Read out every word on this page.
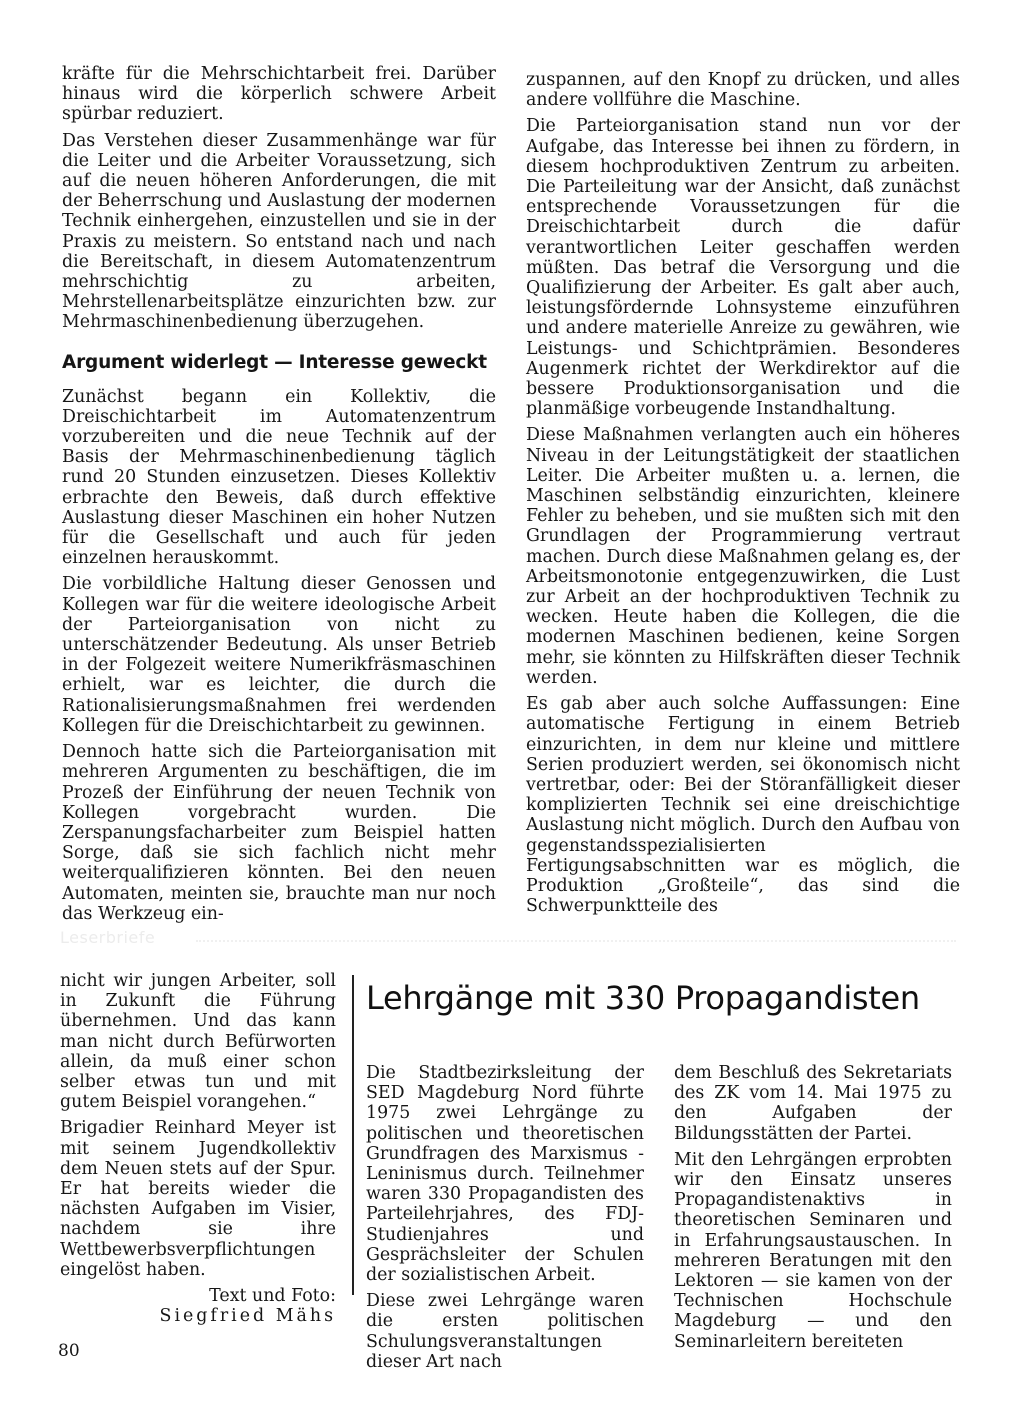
kräfte für die Mehrschichtarbeit frei. Darüber hinaus wird die körperlich schwere Arbeit spürbar reduziert.

Das Verstehen dieser Zusammenhänge war für die Leiter und die Arbeiter Voraussetzung, sich auf die neuen höheren Anforderungen, die mit der Beherrschung und Auslastung der modernen Technik einhergehen, einzustellen und sie in der Praxis zu meistern. So entstand nach und nach die Bereitschaft, in diesem Automatenzentrum mehrschichtig zu arbeiten, Mehrstellenarbeitsplätze einzurichten bzw. zur Mehrmaschinenbedienung überzugehen.

Argument widerlegt — Interesse geweckt

Zunächst begann ein Kollektiv, die Dreischichtarbeit im Automatenzentrum vorzubereiten und die neue Technik auf der Basis der Mehrmaschinenbedienung täglich rund 20 Stunden einzusetzen. Dieses Kollektiv erbrachte den Beweis, daß durch effektive Auslastung dieser Maschinen ein hoher Nutzen für die Gesellschaft und auch für jeden einzelnen herauskommt.

Die vorbildliche Haltung dieser Genossen und Kollegen war für die weitere ideologische Arbeit der Parteiorganisation von nicht zu unterschätzender Bedeutung. Als unser Betrieb in der Folgezeit weitere Numerikfräsmaschinen erhielt, war es leichter, die durch die Rationalisierungsmaßnahmen frei werdenden Kollegen für die Dreischichtarbeit zu gewinnen.

Dennoch hatte sich die Parteiorganisation mit mehreren Argumenten zu beschäftigen, die im Prozeß der Einführung der neuen Technik von Kollegen vorgebracht wurden. Die Zerspanungsfacharbeiter zum Beispiel hatten Sorge, daß sie sich fachlich nicht mehr weiterqualifizieren könnten. Bei den neuen Automaten, meinten sie, brauchte man nur noch das Werkzeug ein-

zuspannen, auf den Knopf zu drücken, und alles andere vollführe die Maschine.

Die Parteiorganisation stand nun vor der Aufgabe, das Interesse bei ihnen zu fördern, in diesem hochproduktiven Zentrum zu arbeiten. Die Parteileitung war der Ansicht, daß zunächst entsprechende Voraussetzungen für die Dreischichtarbeit durch die dafür verantwortlichen Leiter geschaffen werden müßten. Das betraf die Versorgung und die Qualifizierung der Arbeiter. Es galt aber auch, leistungsfördernde Lohnsysteme einzuführen und andere materielle Anreize zu gewähren, wie Leistungs- und Schichtprämien. Besonderes Augenmerk richtet der Werkdirektor auf die bessere Produktionsorganisation und die planmäßige vorbeugende Instandhaltung.

Diese Maßnahmen verlangten auch ein höheres Niveau in der Leitungstätigkeit der staatlichen Leiter. Die Arbeiter mußten u. a. lernen, die Maschinen selbständig einzurichten, kleinere Fehler zu beheben, und sie mußten sich mit den Grundlagen der Programmierung vertraut machen. Durch diese Maßnahmen gelang es, der Arbeitsmonotonie entgegenzuwirken, die Lust zur Arbeit an der hochproduktiven Technik zu wecken. Heute haben die Kollegen, die die modernen Maschinen bedienen, keine Sorgen mehr, sie könnten zu Hilfskräften dieser Technik werden.

Es gab aber auch solche Auffassungen: Eine automatische Fertigung in einem Betrieb einzurichten, in dem nur kleine und mittlere Serien produziert werden, sei ökonomisch nicht vertretbar, oder: Bei der Störanfälligkeit dieser komplizierten Technik sei eine dreischichtige Auslastung nicht möglich. Durch den Aufbau von gegenstandsspezialisierten Fertigungsabschnitten war es möglich, die Produktion „Großteile“, das sind die Schwerpunktteile des

Leserbriefe

nicht wir jungen Arbeiter, soll in Zukunft die Führung übernehmen. Und das kann man nicht durch Befürworten allein, da muß einer schon selber etwas tun und mit gutem Beispiel vorangehen.“

Brigadier Reinhard Meyer ist mit seinem Jugendkollektiv dem Neuen stets auf der Spur. Er hat bereits wieder die nächsten Aufgaben im Visier, nachdem sie ihre Wettbewerbsverpflichtungen eingelöst haben.

Text und Foto:

Siegfried Mähs

Lehrgänge mit 330 Propagandisten

Die Stadtbezirksleitung der SED Magdeburg Nord führte 1975 zwei Lehrgänge zu politischen und theoretischen Grundfragen des Marxismus - Leninismus durch. Teilnehmer waren 330 Propagandisten des Parteilehrjahres, des FDJ-Studienjahres und Gesprächsleiter der Schulen der sozialistischen Arbeit.

Diese zwei Lehrgänge waren die ersten politischen Schulungsveranstaltungen dieser Art nach

dem Beschluß des Sekretariats des ZK vom 14. Mai 1975 zu den Aufgaben der Bildungsstätten der Partei.

Mit den Lehrgängen erprobten wir den Einsatz unseres Propagandistenaktivs in theoretischen Seminaren und in Erfahrungsaustauschen. In mehreren Beratungen mit den Lektoren — sie kamen von der Technischen Hochschule Magdeburg — und den Seminarleitern bereiteten

80
